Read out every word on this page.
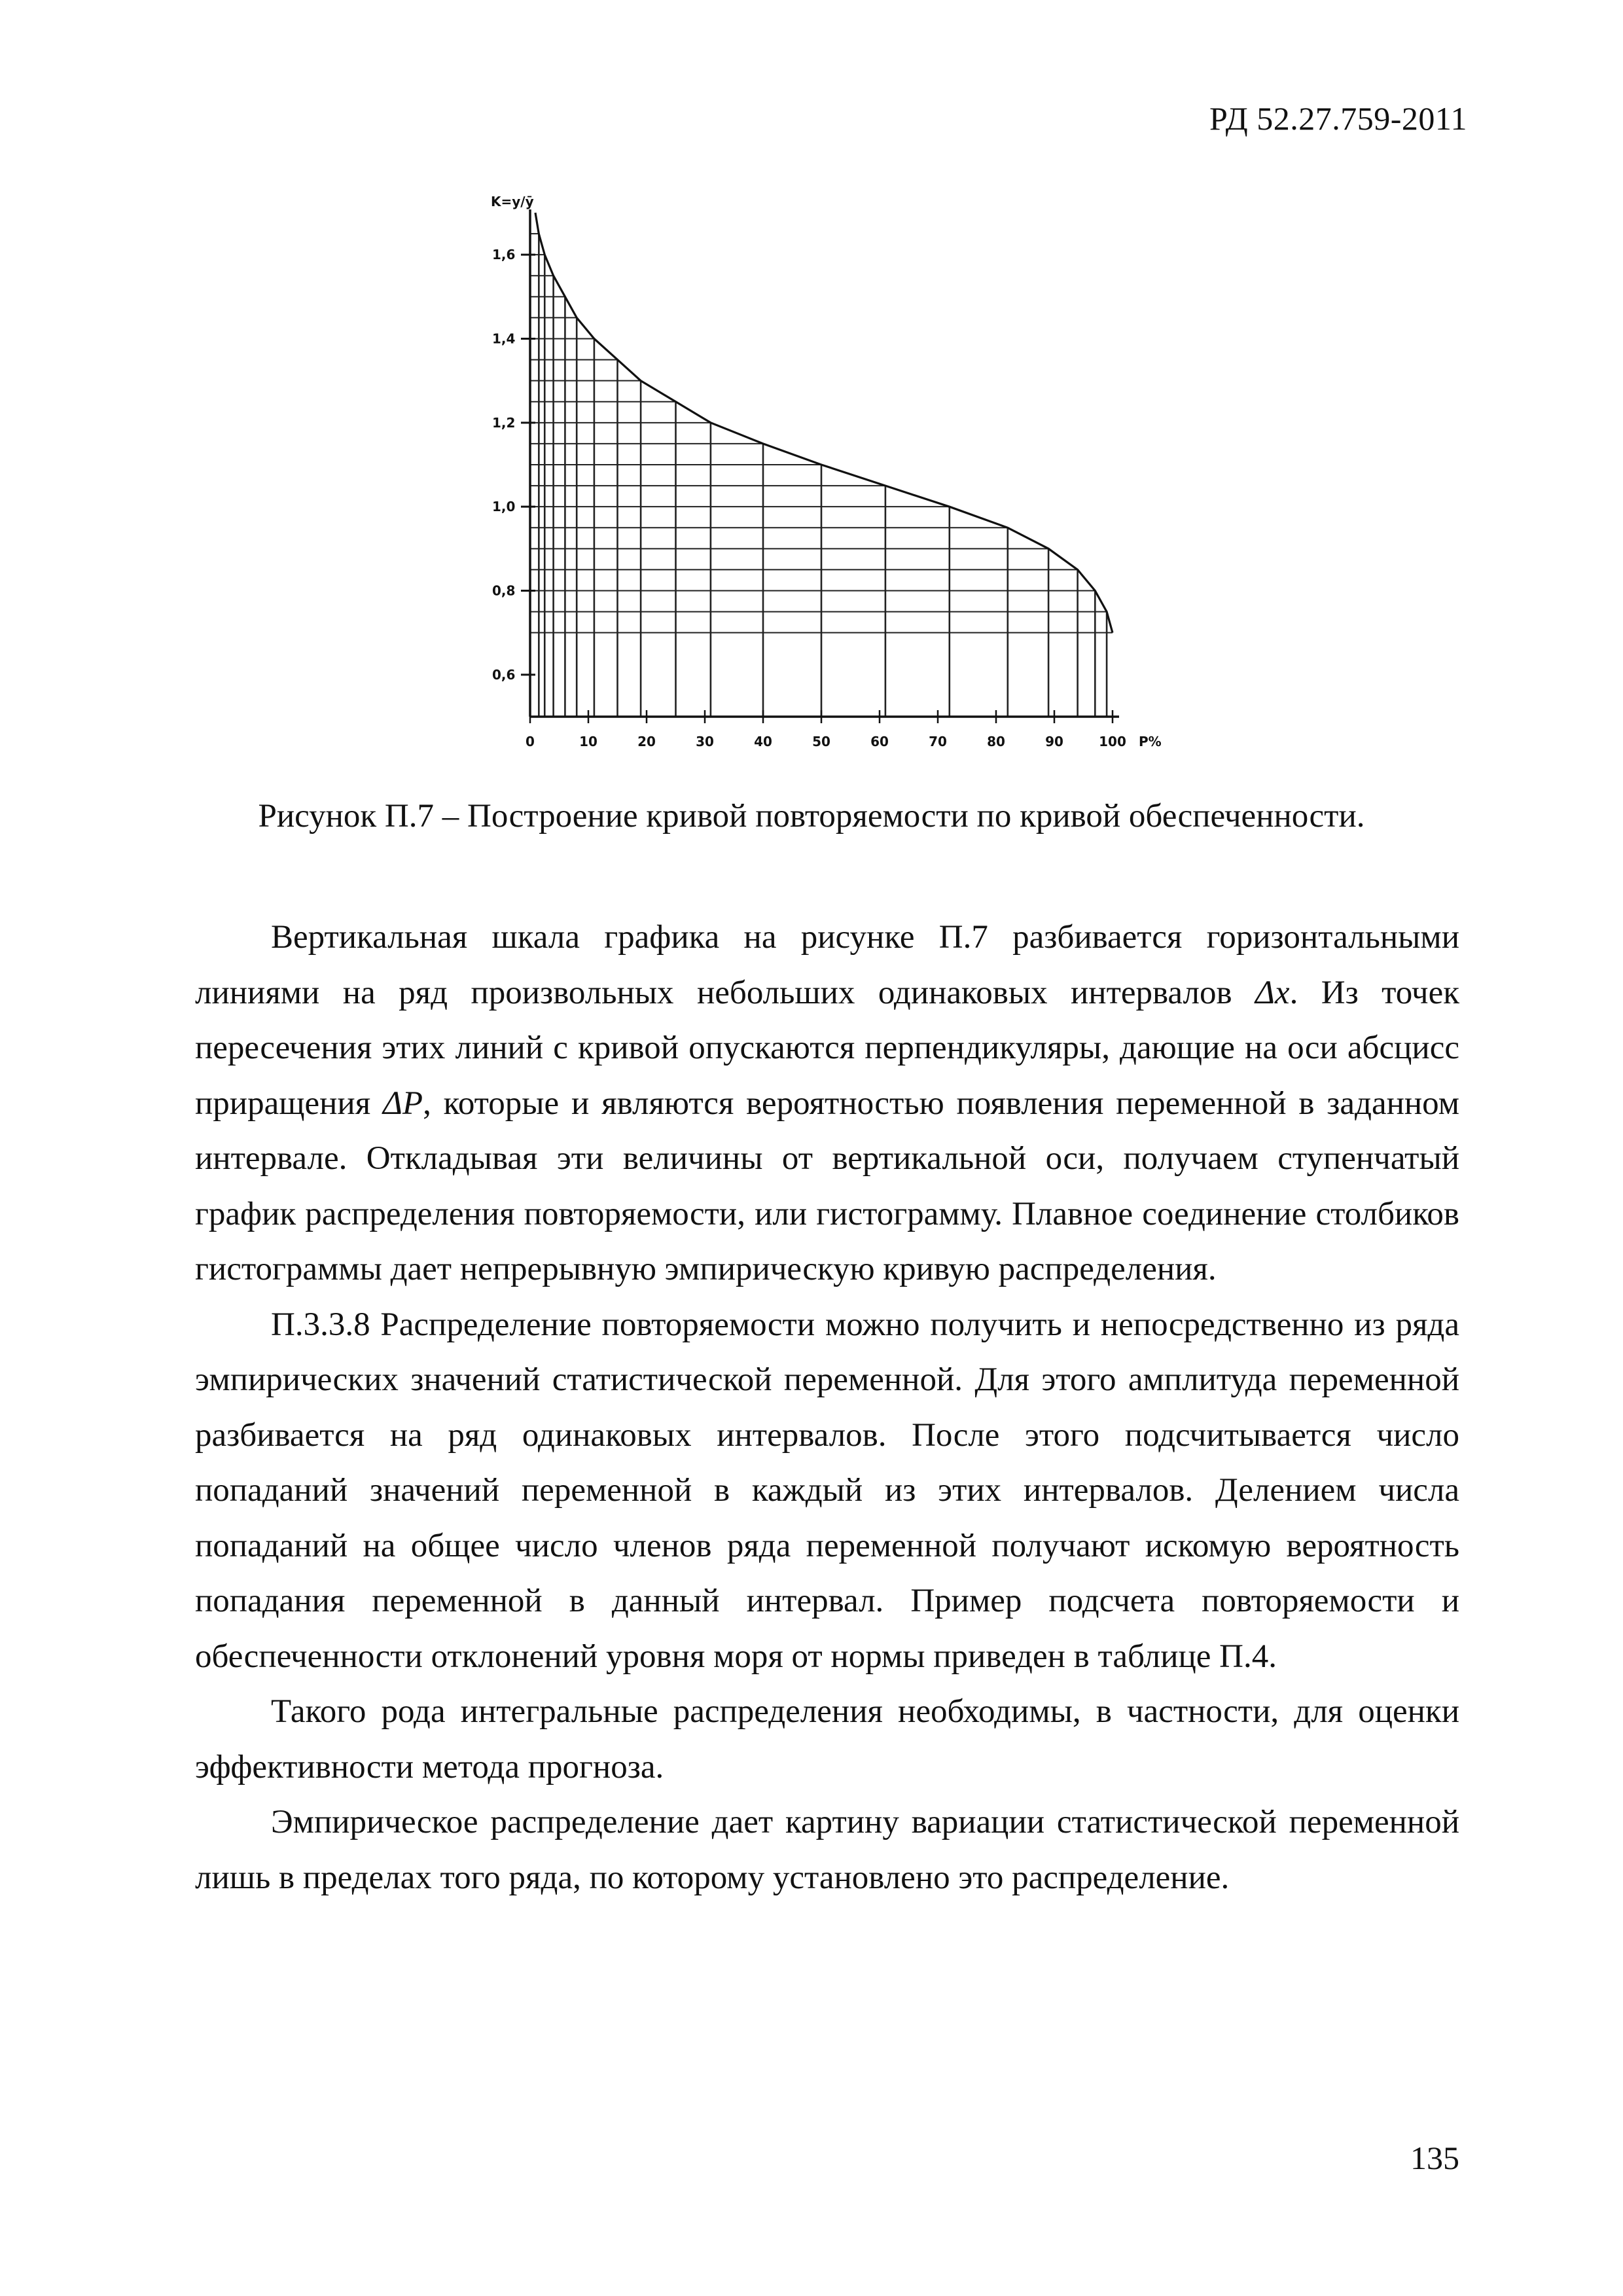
РД 52.27.759-2011
1,6
1,4
1,2
1,0
0,8
0,6
0	10	20	30	40	50	60	70	80	90	100
K=y/ȳ
P%
Рисунок П.7 – Построение кривой повторяемости по кривой обеспеченности.

Вертикальная шкала графика на рисунке П.7 разбивается горизонтальными линиями на ряд произвольных небольших одинаковых интервалов Δx. Из точек пересечения этих линий с кривой опускаются перпендикуляры, дающие на оси абсцисс приращения ΔP, которые и являются вероятностью появления переменной в заданном интервале. Откладывая эти величины от вертикальной оси, получаем ступенчатый график распределения повторяемости, или гистограмму. Плавное соединение столбиков гистограммы дает непрерывную эмпирическую кривую распределения.

П.3.3.8 Распределение повторяемости можно получить и непосредственно из ряда эмпирических значений статистической переменной. Для этого амплитуда переменной разбивается на ряд одинаковых интервалов. После этого подсчитывается число попаданий значений переменной в каждый из этих интервалов. Делением числа попаданий на общее число членов ряда переменной получают искомую вероятность попадания переменной в данный интервал. Пример подсчета повторяемости и обеспеченности отклонений уровня моря от нормы приведен в таблице П.4.

Такого рода интегральные распределения необходимы, в частности, для оценки эффективности метода прогноза.

Эмпирическое распределение дает картину вариации статистической переменной лишь в пределах того ряда, по которому установлено это распределение.

135
